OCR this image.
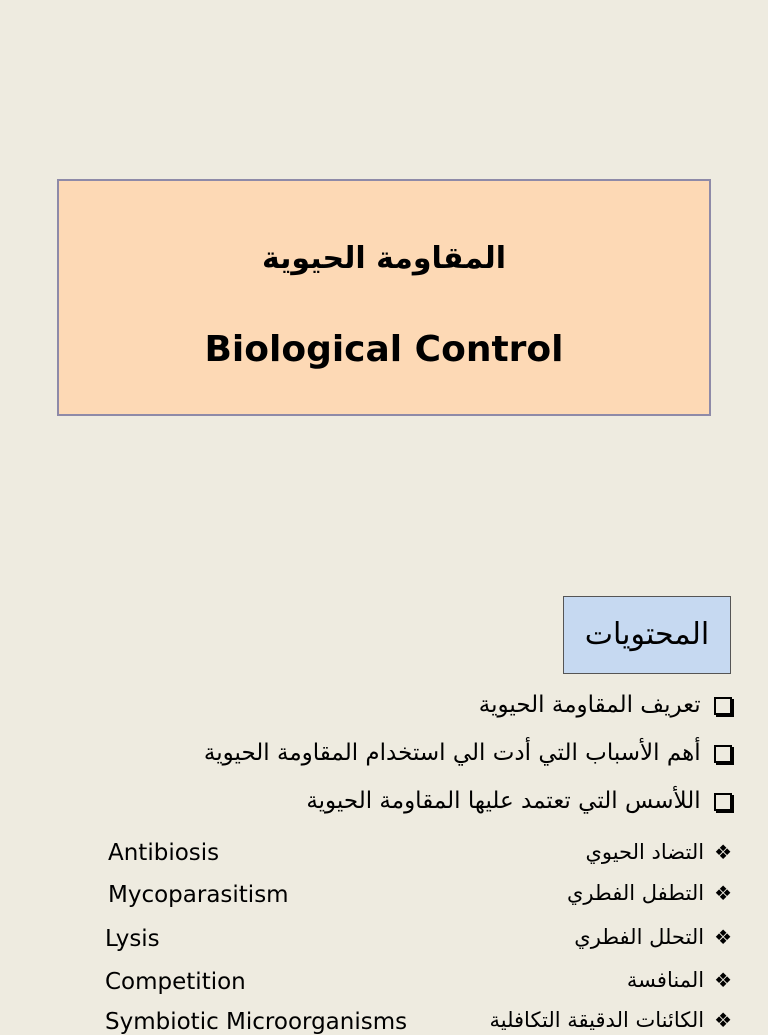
المقاومة الحيوية
Biological Control
المحتويات
تعريف المقاومة الحيوية
أهم الأسباب التي أدت الي استخدام المقاومة الحيوية
اللأسس التي تعتمد عليها المقاومة الحيوية
❖التضاد الحيوي
Antibiosis
❖التطفل الفطري
Mycoparasitism
❖التحلل الفطري
Lysis
❖المنافسة
Competition
❖الكائنات الدقيقة التكافلية
Symbiotic Microorganisms
